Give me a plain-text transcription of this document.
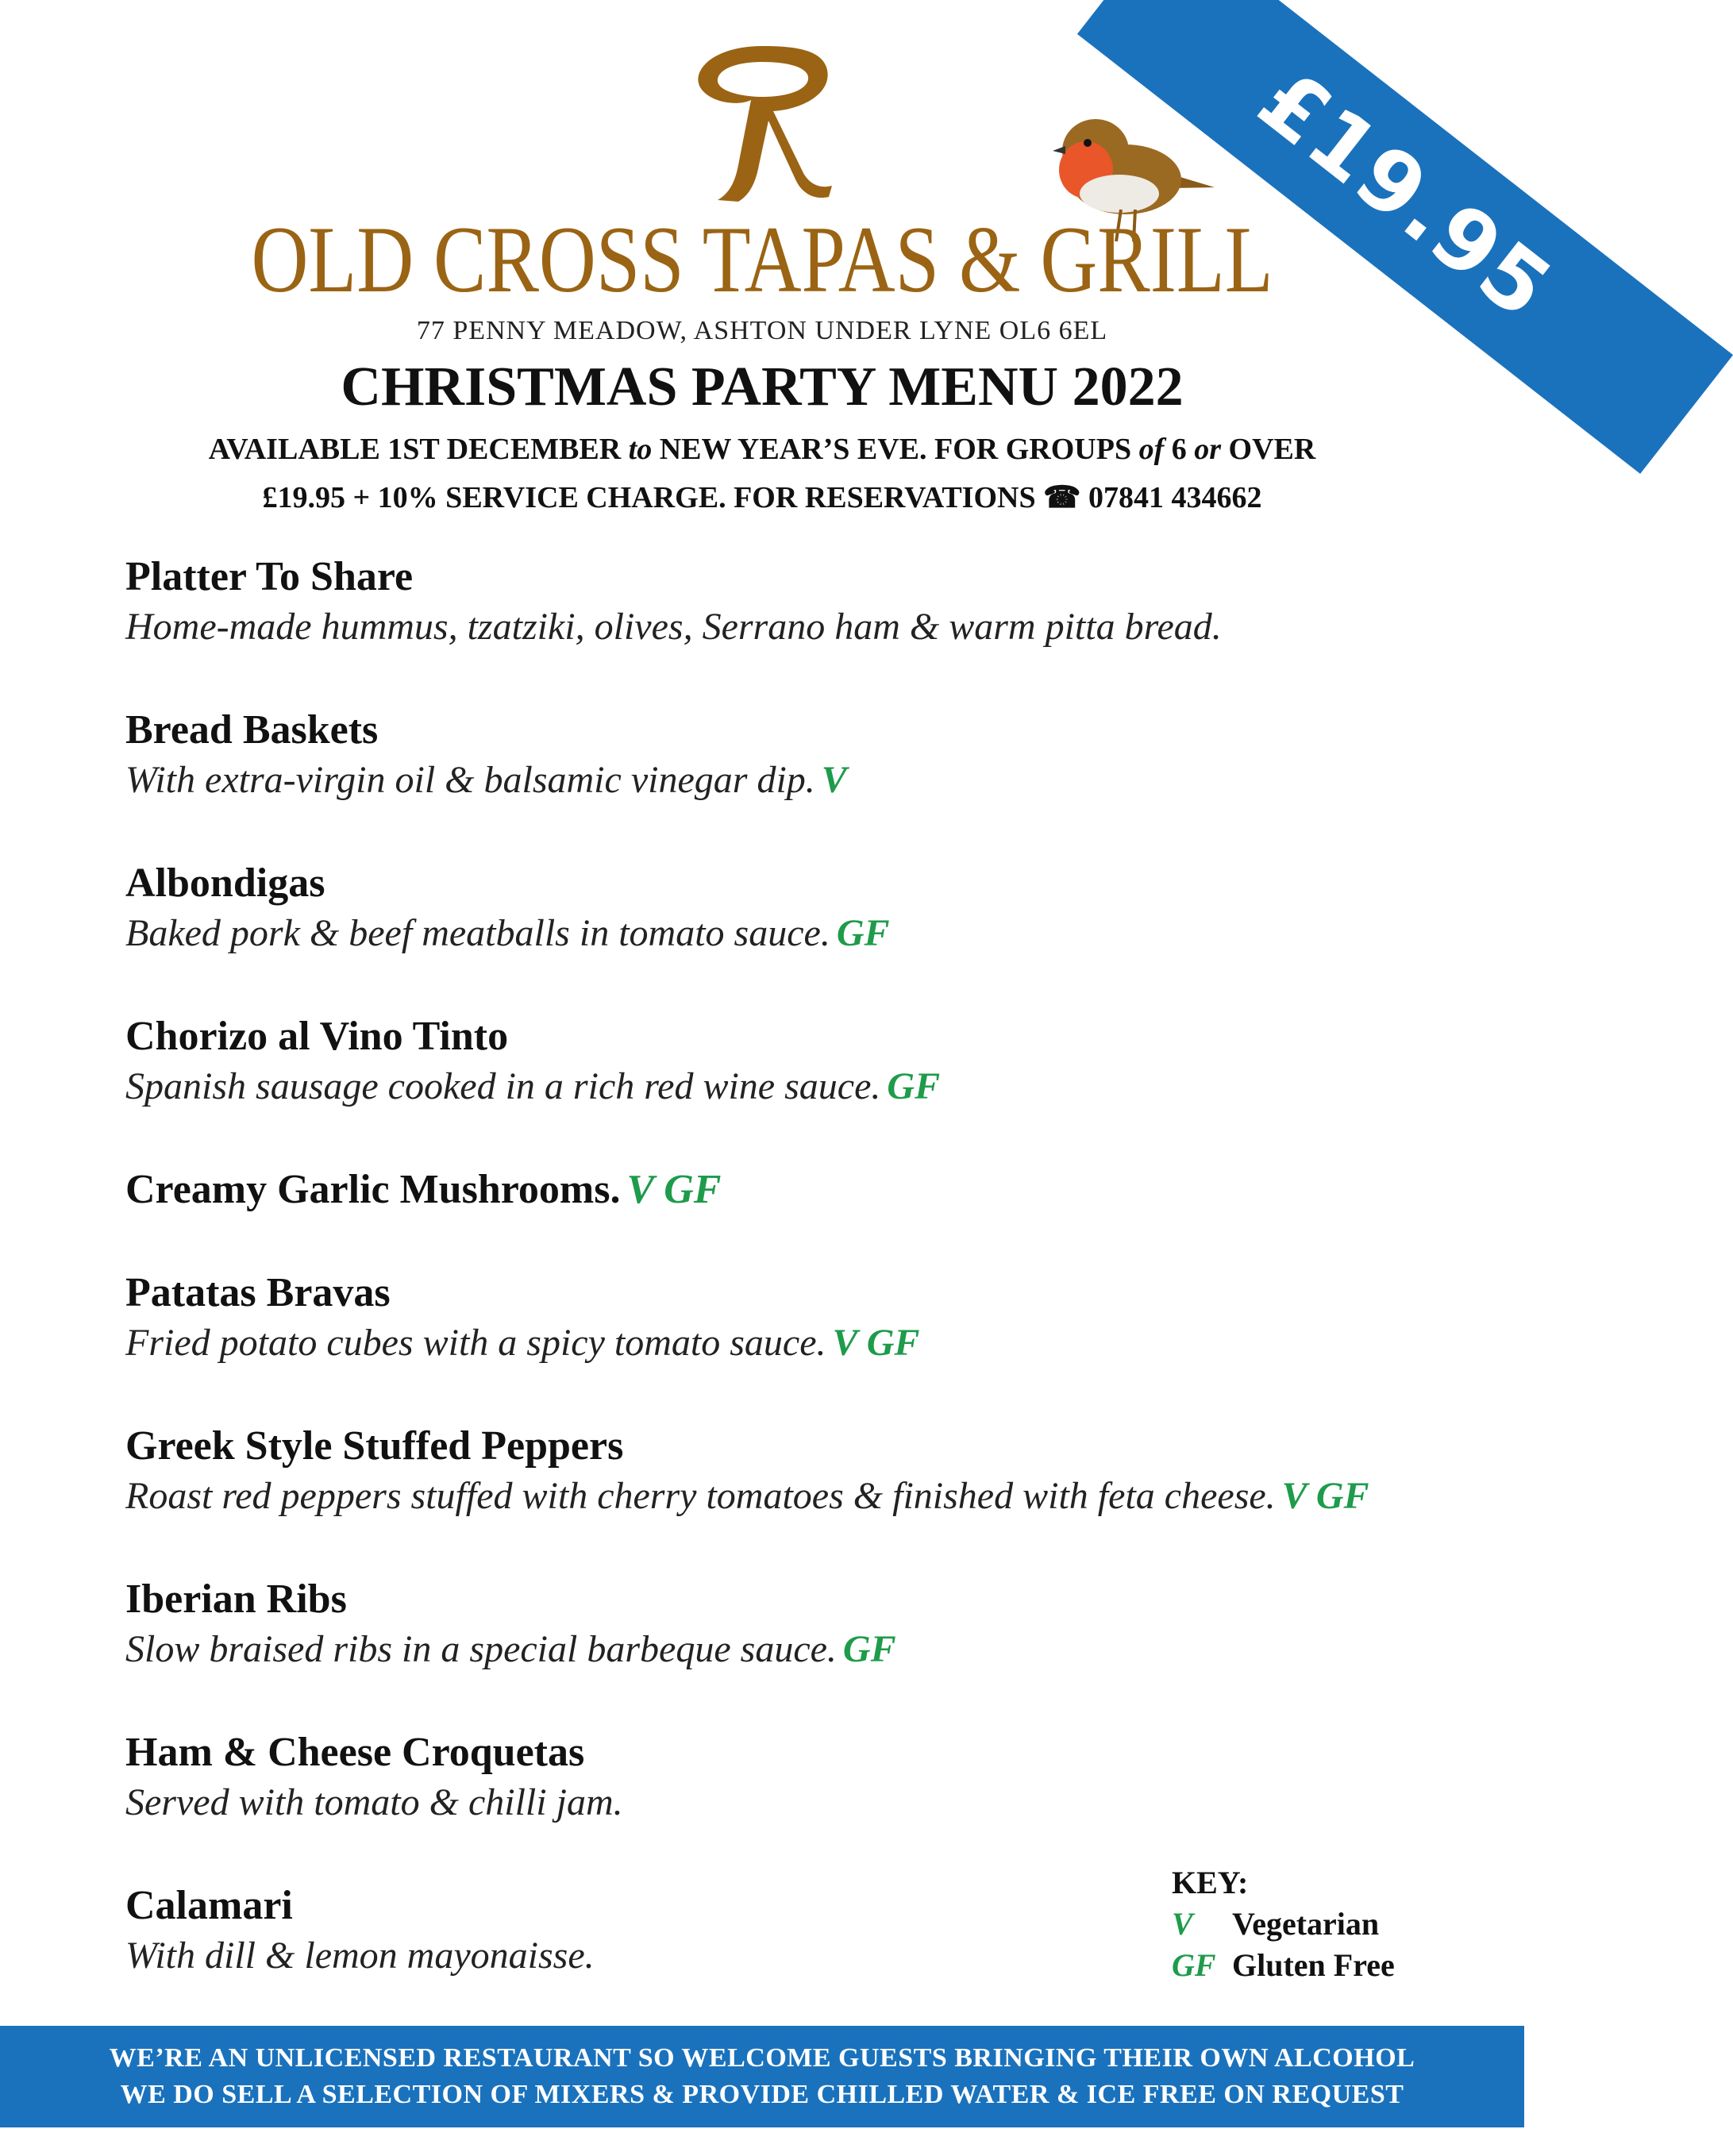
£19.95
OLD CROSS TAPAS & GRILL
77 PENNY MEADOW, ASHTON UNDER LYNE OL6 6EL
CHRISTMAS PARTY MENU 2022
AVAILABLE 1ST DECEMBER to NEW YEAR’S EVE. FOR GROUPS of 6 or OVER
£19.95 + 10% SERVICE CHARGE. FOR RESERVATIONS ☎ 07841 434662
Platter To Share
Home-made hummus, tzatziki, olives, Serrano ham & warm pitta bread.
Bread Baskets
With extra-virgin oil & balsamic vinegar dip. V
Albondigas
Baked pork & beef meatballs in tomato sauce. GF
Chorizo al Vino Tinto
Spanish sausage cooked in a rich red wine sauce. GF
Creamy Garlic Mushrooms. V GF
Patatas Bravas
Fried potato cubes with a spicy tomato sauce. V GF
Greek Style Stuffed Peppers
Roast red peppers stuffed with cherry tomatoes & finished with feta cheese. V GF
Iberian Ribs
Slow braised ribs in a special barbeque sauce. GF
Ham & Cheese Croquetas
Served with tomato & chilli jam.
Calamari
With dill & lemon mayonaisse.
KEY:
V Vegetarian
GF Gluten Free
WE’RE AN UNLICENSED RESTAURANT SO WELCOME GUESTS BRINGING THEIR OWN ALCOHOL
WE DO SELL A SELECTION OF MIXERS & PROVIDE CHILLED WATER & ICE FREE ON REQUEST
